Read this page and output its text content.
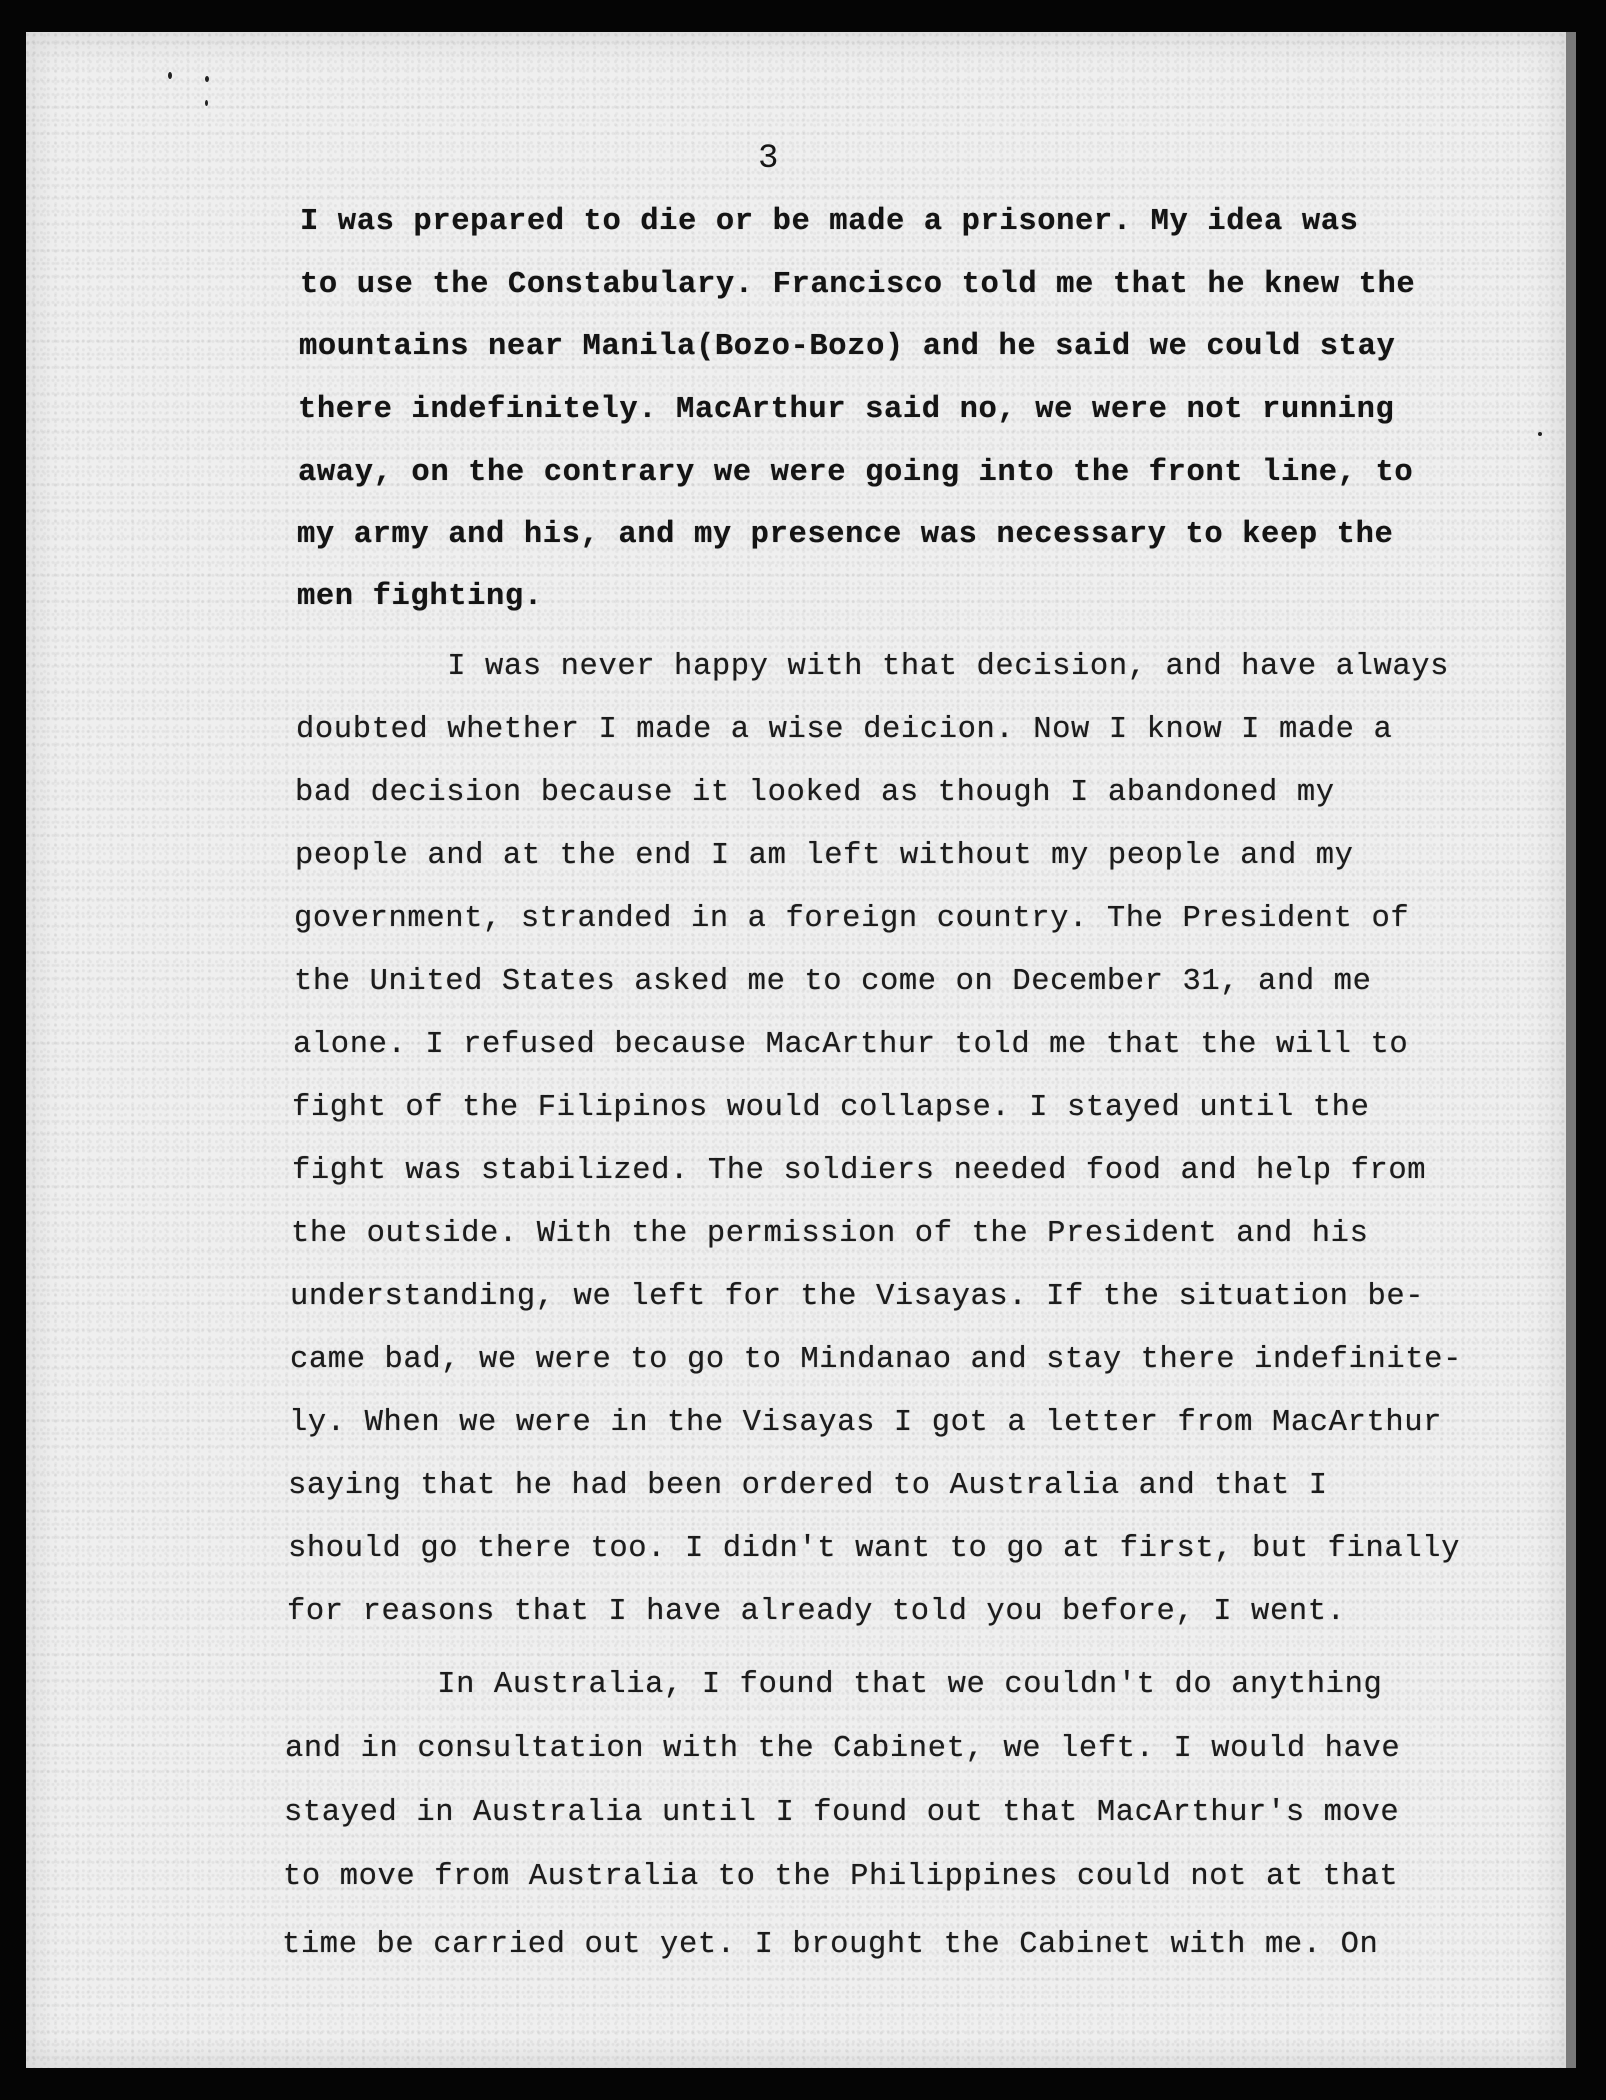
3
I was prepared to die or be made a prisoner. My idea was
to use the Constabulary. Francisco told me that he knew the
mountains near Manila(Bozo-Bozo) and he said we could stay
there indefinitely. MacArthur said no, we were not running
away, on the contrary we were going into the front line, to
my army and his, and my presence was necessary to keep the
men fighting.
I was never happy with that decision, and have always
doubted whether I made a wise deicion. Now I know I made a
bad decision because it looked as though I abandoned my
people and at the end I am left without my people and my
government, stranded in a foreign country. The President of
the United States asked me to come on December 31, and me
alone. I refused because MacArthur told me that the will to
fight of the Filipinos would collapse. I stayed until the
fight was stabilized. The soldiers needed food and help from
the outside. With the permission of the President and his
understanding, we left for the Visayas. If the situation be-
came bad, we were to go to Mindanao and stay there indefinite-
ly. When we were in the Visayas I got a letter from MacArthur
saying that he had been ordered to Australia and that I
should go there too. I didn't want to go at first, but finally
for reasons that I have already told you before, I went.
In Australia, I found that we couldn't do anything
and in consultation with the Cabinet, we left. I would have
stayed in Australia until I found out that MacArthur's move
to move from Australia to the Philippines could not at that
time be carried out yet. I brought the Cabinet with me. On
